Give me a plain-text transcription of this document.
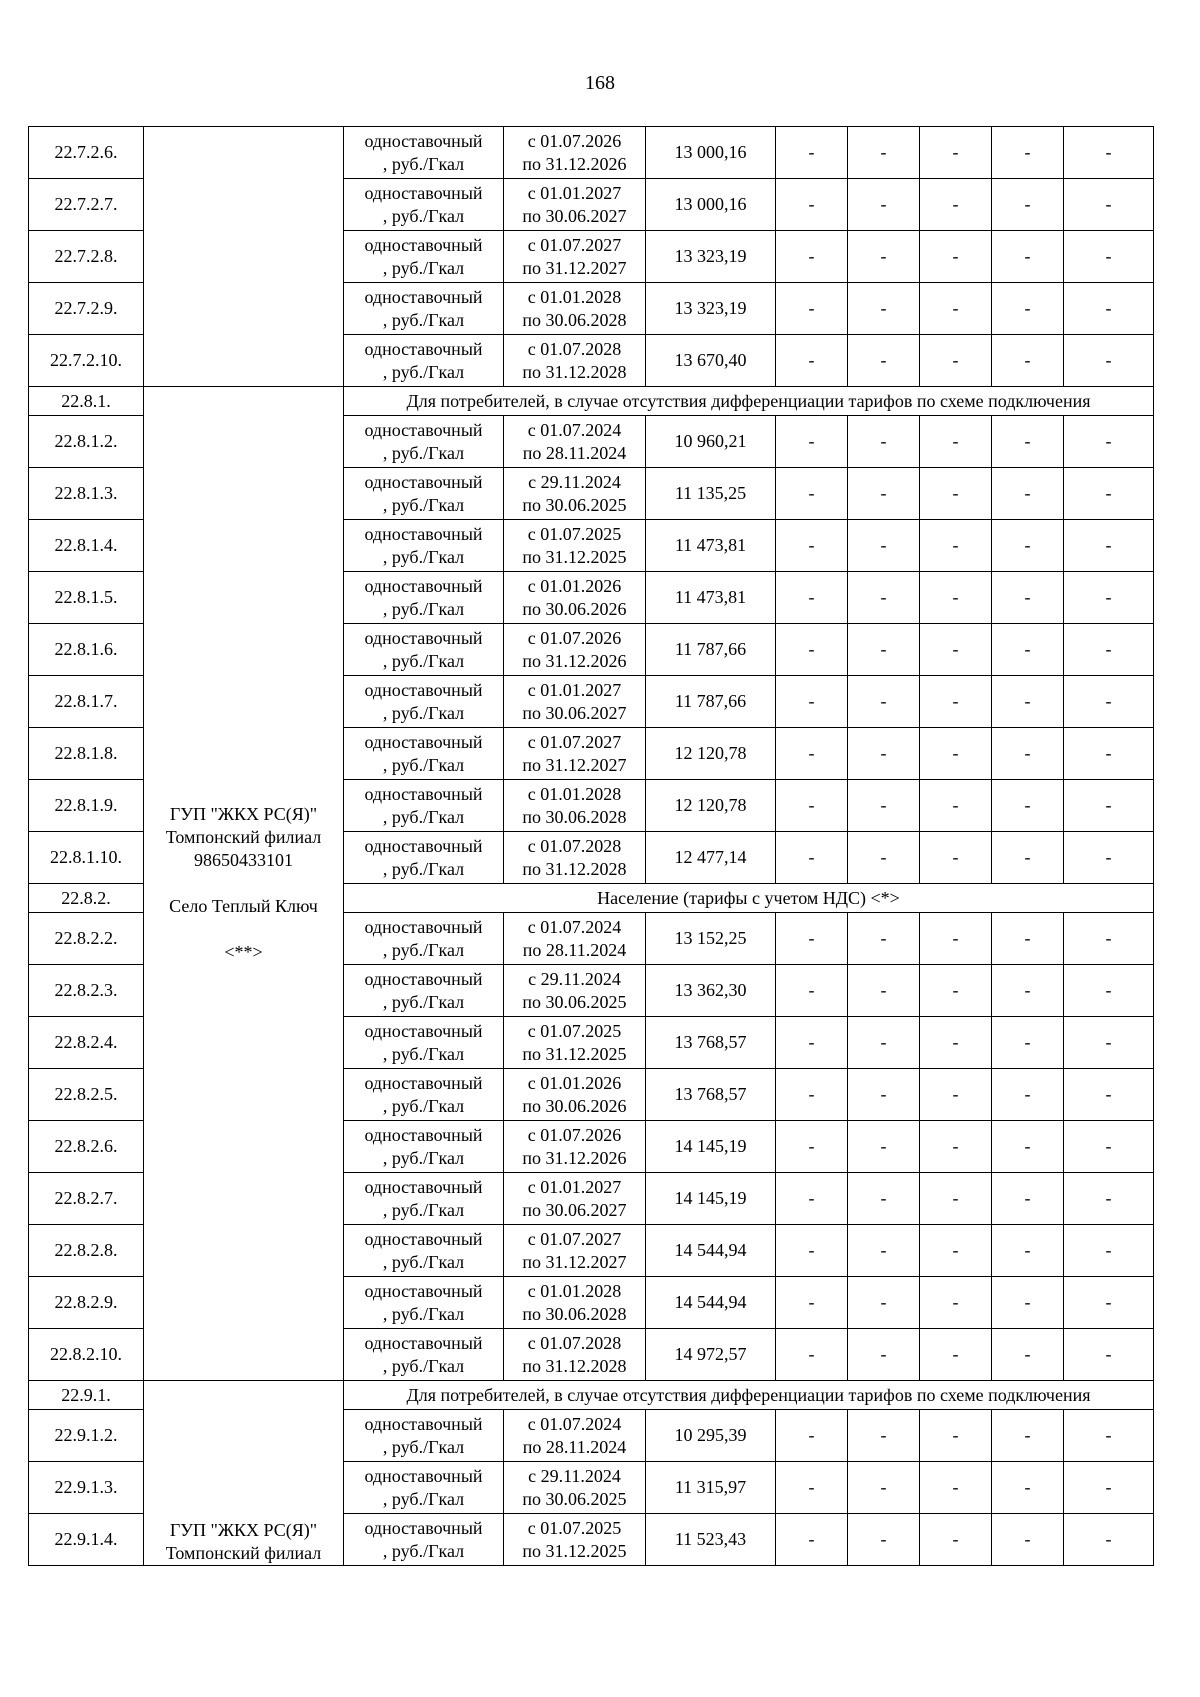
168
22.7.2.6.		одноставочный
, руб./Гкал	с 01.07.2026
по 31.12.2026	13 000,16	-	-	-	-	-
22.7.2.7.		одноставочный
, руб./Гкал	с 01.01.2027
по 30.06.2027	13 000,16	-	-	-	-	-
22.7.2.8.		одноставочный
, руб./Гкал	с 01.07.2027
по 31.12.2027	13 323,19	-	-	-	-	-
22.7.2.9.		одноставочный
, руб./Гкал	с 01.01.2028
по 30.06.2028	13 323,19	-	-	-	-	-
22.7.2.10.		одноставочный
, руб./Гкал	с 01.07.2028
по 31.12.2028	13 670,40	-	-	-	-	-
22.8.1.	ГУП "ЖКХ РС(Я)"
Томпонский филиал
98650433101
Село Теплый Ключ
<**>	Для потребителей, в случае отсутствия дифференциации тарифов по схеме подключения							
22.8.1.2.		одноставочный
, руб./Гкал	с 01.07.2024
по 28.11.2024	10 960,21	-	-	-	-	-
22.8.1.3.		одноставочный
, руб./Гкал	с 29.11.2024
по 30.06.2025	11 135,25	-	-	-	-	-
22.8.1.4.		одноставочный
, руб./Гкал	с 01.07.2025
по 31.12.2025	11 473,81	-	-	-	-	-
22.8.1.5.		одноставочный
, руб./Гкал	с 01.01.2026
по 30.06.2026	11 473,81	-	-	-	-	-
22.8.1.6.		одноставочный
, руб./Гкал	с 01.07.2026
по 31.12.2026	11 787,66	-	-	-	-	-
22.8.1.7.		одноставочный
, руб./Гкал	с 01.01.2027
по 30.06.2027	11 787,66	-	-	-	-	-
22.8.1.8.		одноставочный
, руб./Гкал	с 01.07.2027
по 31.12.2027	12 120,78	-	-	-	-	-
22.8.1.9.		одноставочный
, руб./Гкал	с 01.01.2028
по 30.06.2028	12 120,78	-	-	-	-	-
22.8.1.10.		одноставочный
, руб./Гкал	с 01.07.2028
по 31.12.2028	12 477,14	-	-	-	-	-
22.8.2.		Население (тарифы с учетом НДС) <*>							
22.8.2.2.		одноставочный
, руб./Гкал	с 01.07.2024
по 28.11.2024	13 152,25	-	-	-	-	-
22.8.2.3.		одноставочный
, руб./Гкал	с 29.11.2024
по 30.06.2025	13 362,30	-	-	-	-	-
22.8.2.4.		одноставочный
, руб./Гкал	с 01.07.2025
по 31.12.2025	13 768,57	-	-	-	-	-
22.8.2.5.		одноставочный
, руб./Гкал	с 01.01.2026
по 30.06.2026	13 768,57	-	-	-	-	-
22.8.2.6.		одноставочный
, руб./Гкал	с 01.07.2026
по 31.12.2026	14 145,19	-	-	-	-	-
22.8.2.7.		одноставочный
, руб./Гкал	с 01.01.2027
по 30.06.2027	14 145,19	-	-	-	-	-
22.8.2.8.		одноставочный
, руб./Гкал	с 01.07.2027
по 31.12.2027	14 544,94	-	-	-	-	-
22.8.2.9.		одноставочный
, руб./Гкал	с 01.01.2028
по 30.06.2028	14 544,94	-	-	-	-	-
22.8.2.10.		одноставочный
, руб./Гкал	с 01.07.2028
по 31.12.2028	14 972,57	-	-	-	-	-
22.9.1.	ГУП "ЖКХ РС(Я)"
Томпонский филиал	Для потребителей, в случае отсутствия дифференциации тарифов по схеме подключения							
22.9.1.2.		одноставочный
, руб./Гкал	с 01.07.2024
по 28.11.2024	10 295,39	-	-	-	-	-
22.9.1.3.		одноставочный
, руб./Гкал	с 29.11.2024
по 30.06.2025	11 315,97	-	-	-	-	-
22.9.1.4.		одноставочный
, руб./Гкал	с 01.07.2025
по 31.12.2025	11 523,43	-	-	-	-	-
